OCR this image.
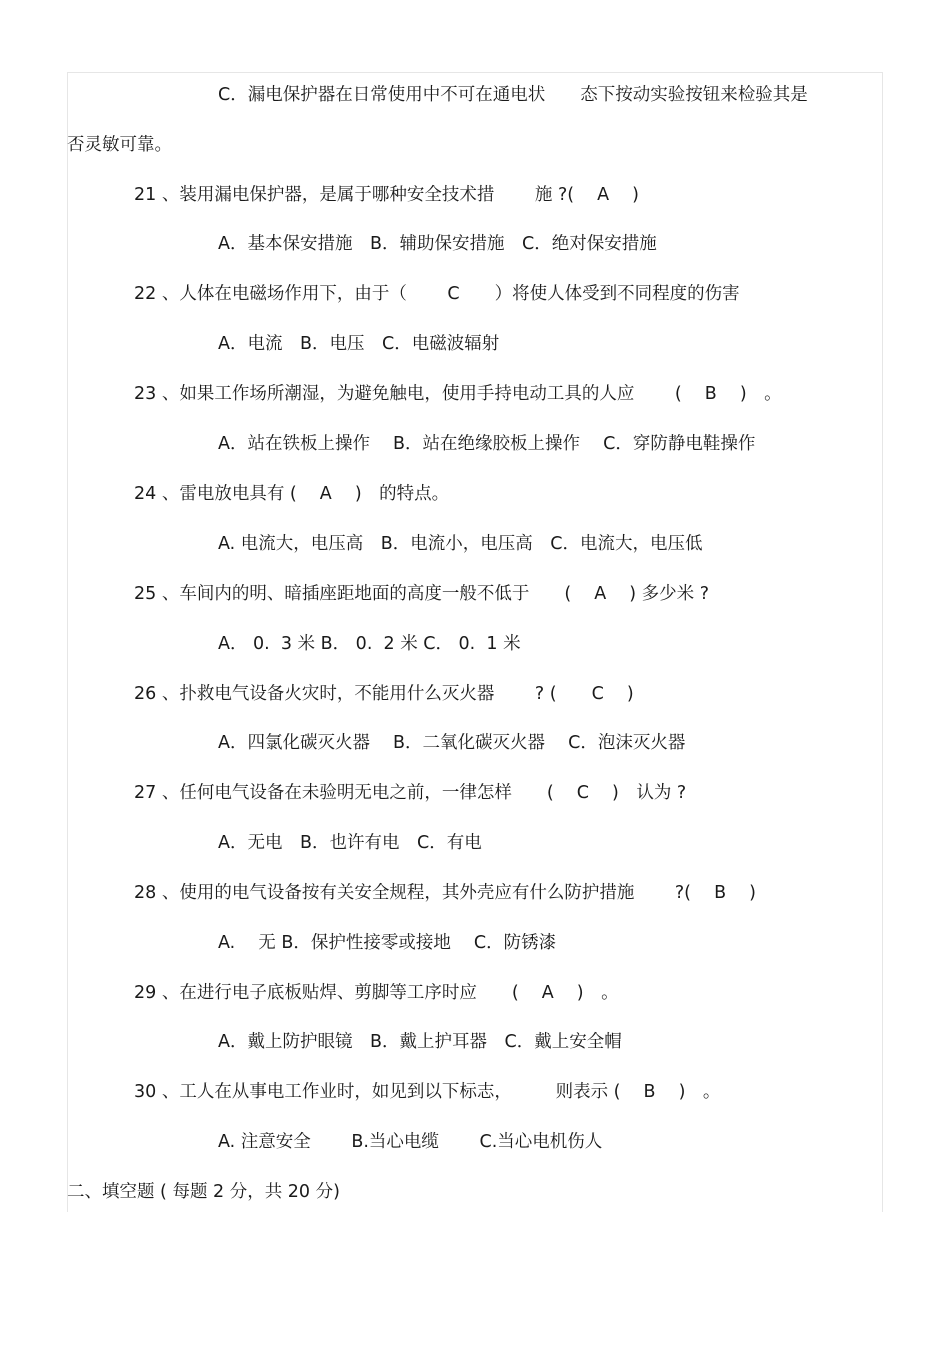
C．漏电保护器在日常使用中不可在通电状　　态下按动实验按钮来检验其是
否灵敏可靠。
21 、装用漏电保护器，是属于哪种安全技术措　　 施 ?(　 A　 )
A．基本保安措施　B．辅助保安措施　C．绝对保安措施
22 、人体在电磁场作用下，由于（　　 C　　）将使人体受到不同程度的伤害
A．电流　B．电压　C．电磁波辐射
23 、如果工作场所潮湿，为避免触电，使用手持电动工具的人应　　 (　 B　 )　。
A．站在铁板上操作　 B．站在绝缘胶板上操作　 C．穿防静电鞋操作
24 、雷电放电具有 (　 A　 )　的特点。
A. 电流大，电压高　B．电流小，电压高　C．电流大，电压低
25 、车间内的明、暗插座距地面的高度一般不低于　　(　 A　 ) 多少米 ?
A． 0.  3 米 B． 0.  2 米 C． 0.  1 米
26 、扑救电气设备火灾时，不能用什么灭火器　　 ? (　　C　 )
A．四氯化碳灭火器　 B．二氧化碳灭火器　 C．泡沫灭火器
27 、任何电气设备在未验明无电之前，一律怎样　　(　 C　 )　认为 ?
A．无电　B．也许有电　C．有电
28 、使用的电气设备按有关安全规程，其外壳应有什么防护措施　　 ?(　 B　 )
A.　 无 B．保护性接零或接地　 C．防锈漆
29 、在进行电子底板贴焊、剪脚等工序时应　　(　 A　 )　。
A．戴上防护眼镜　B．戴上护耳器　C．戴上安全帽
30 、工人在从事电工作业时，如见到以下标志，　　　则表示 (　 B　 )　。
A. 注意安全　　 B.当心电缆　　 C.当心电机伤人
二、填空题 ( 每题 2 分，共 20 分)
